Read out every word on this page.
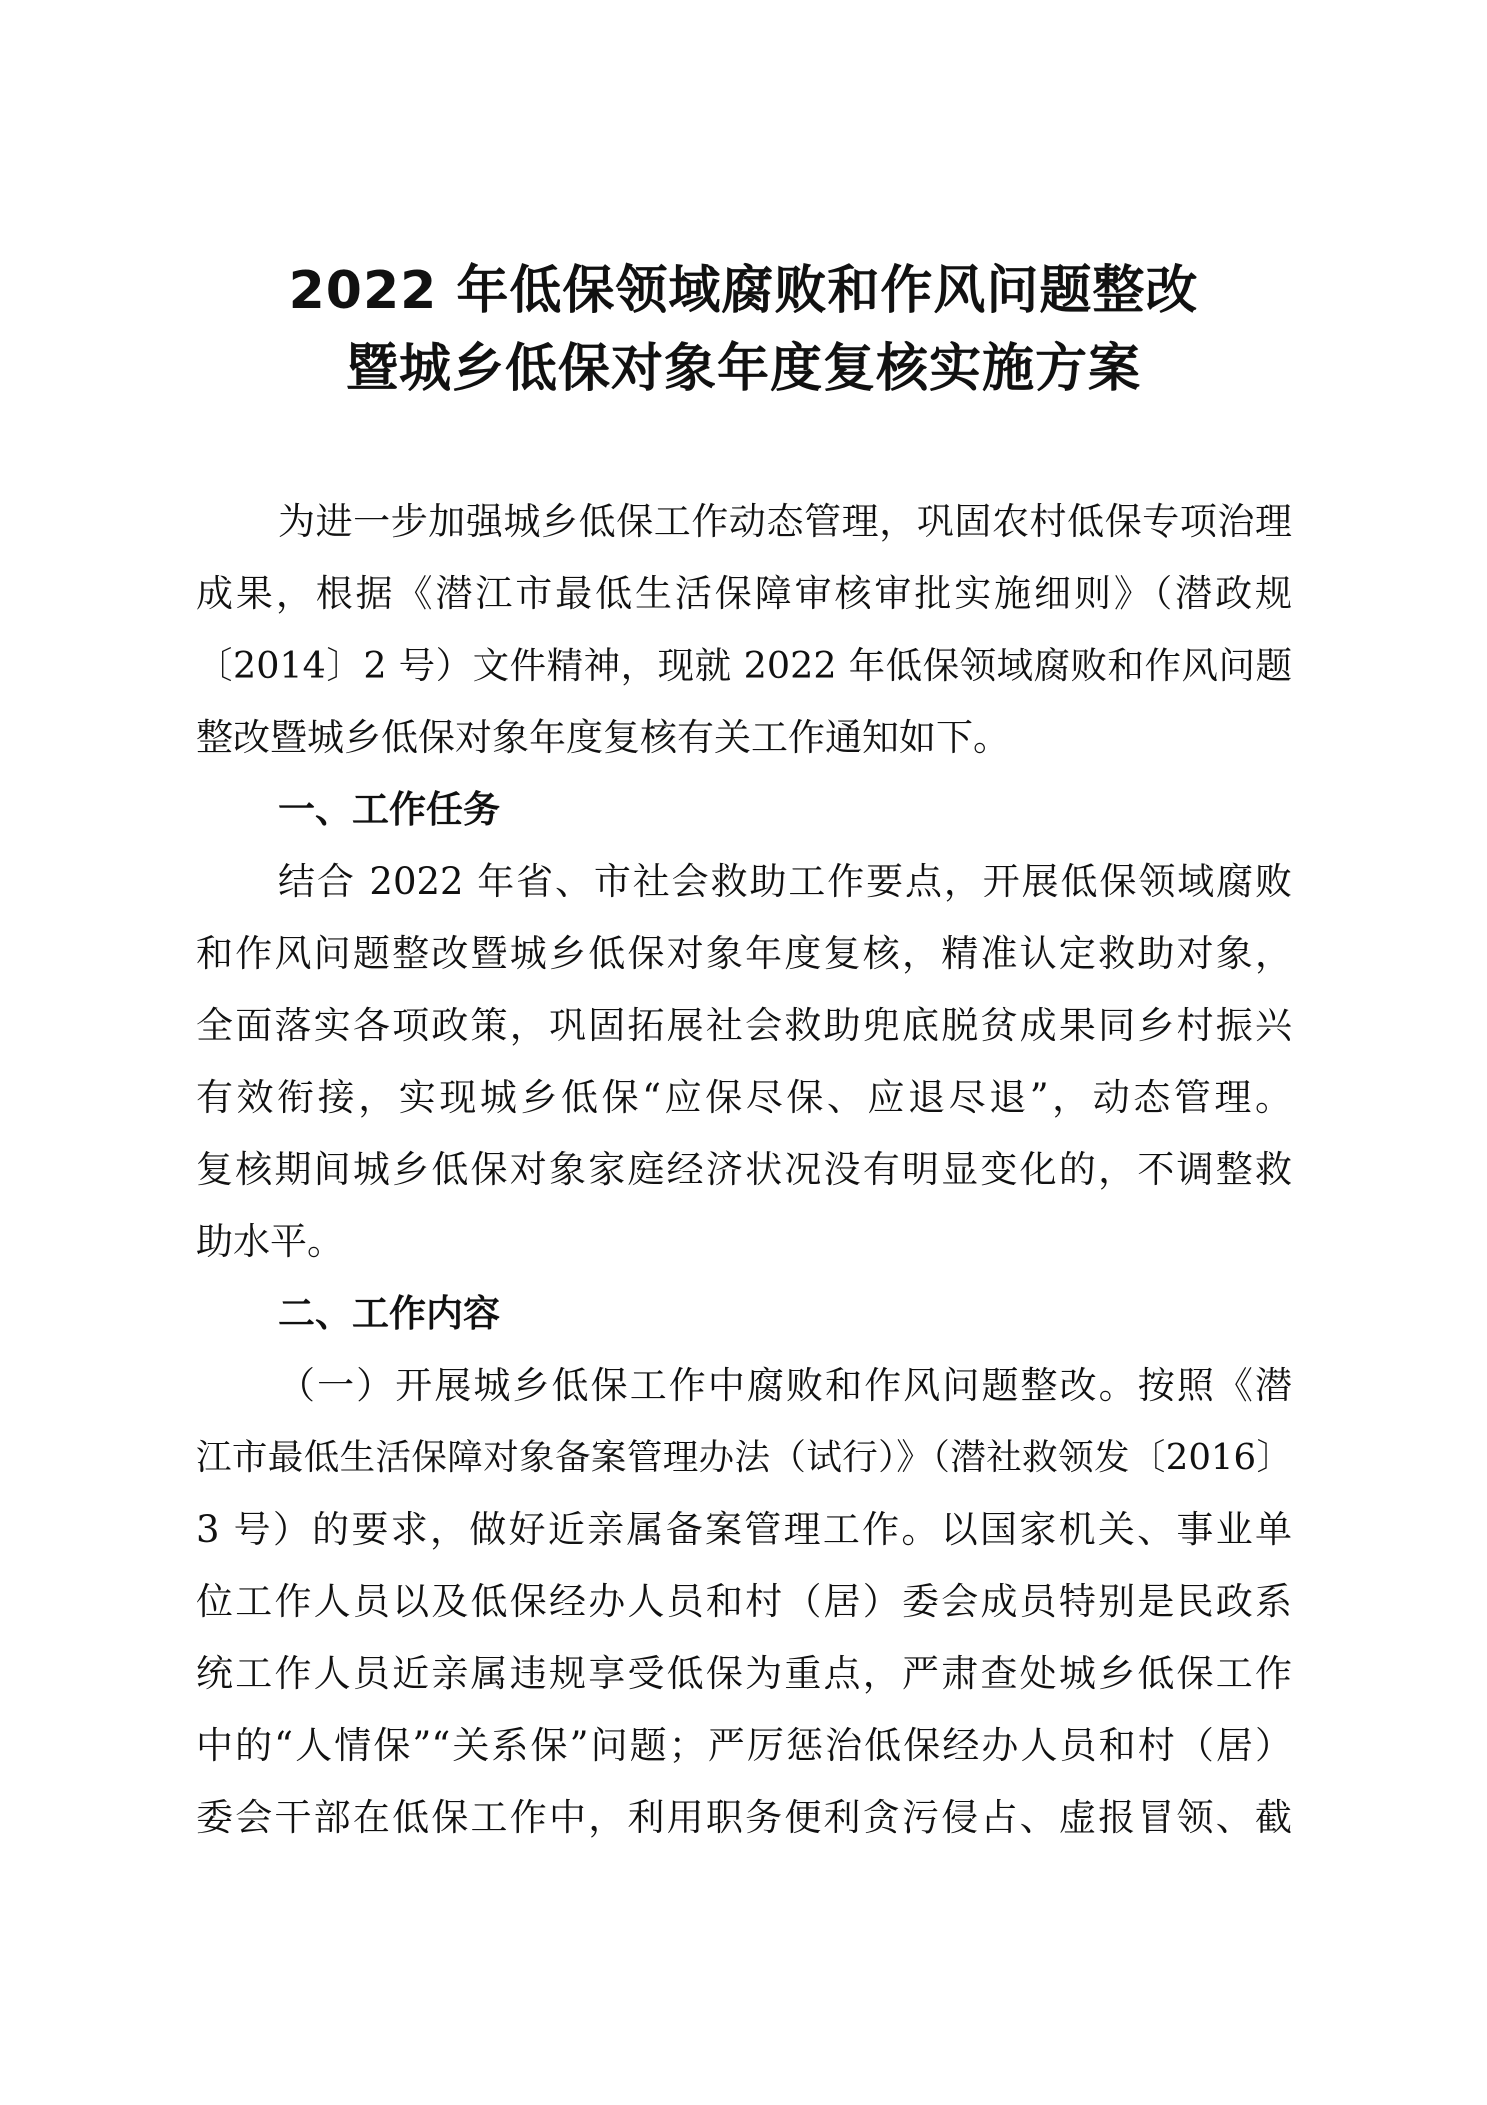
2022 年低保领域腐败和作风问题整改
暨城乡低保对象年度复核实施方案
为进一步加强城乡低保工作动态管理，巩固农村低保专项治理
成果，根据《潜江市最低生活保障审核审批实施细则》（潜政规
〔2014〕2 号）文件精神，现就 2022 年低保领域腐败和作风问题
整改暨城乡低保对象年度复核有关工作通知如下。
一、工作任务
结合 2022 年省、市社会救助工作要点，开展低保领域腐败
和作风问题整改暨城乡低保对象年度复核，精准认定救助对象，
全面落实各项政策，巩固拓展社会救助兜底脱贫成果同乡村振兴
有效衔接，实现城乡低保“应保尽保、应退尽退”，动态管理。
复核期间城乡低保对象家庭经济状况没有明显变化的，不调整救
助水平。
二、工作内容
（一）开展城乡低保工作中腐败和作风问题整改。按照《潜
江市最低生活保障对象备案管理办法（试行）》（潜社救领发〔2016〕
3 号）的要求，做好近亲属备案管理工作。以国家机关、事业单
位工作人员以及低保经办人员和村（居）委会成员特别是民政系
统工作人员近亲属违规享受低保为重点，严肃查处城乡低保工作
中的“人情保”“关系保”问题；严厉惩治低保经办人员和村（居）
委会干部在低保工作中，利用职务便利贪污侵占、虚报冒领、截
